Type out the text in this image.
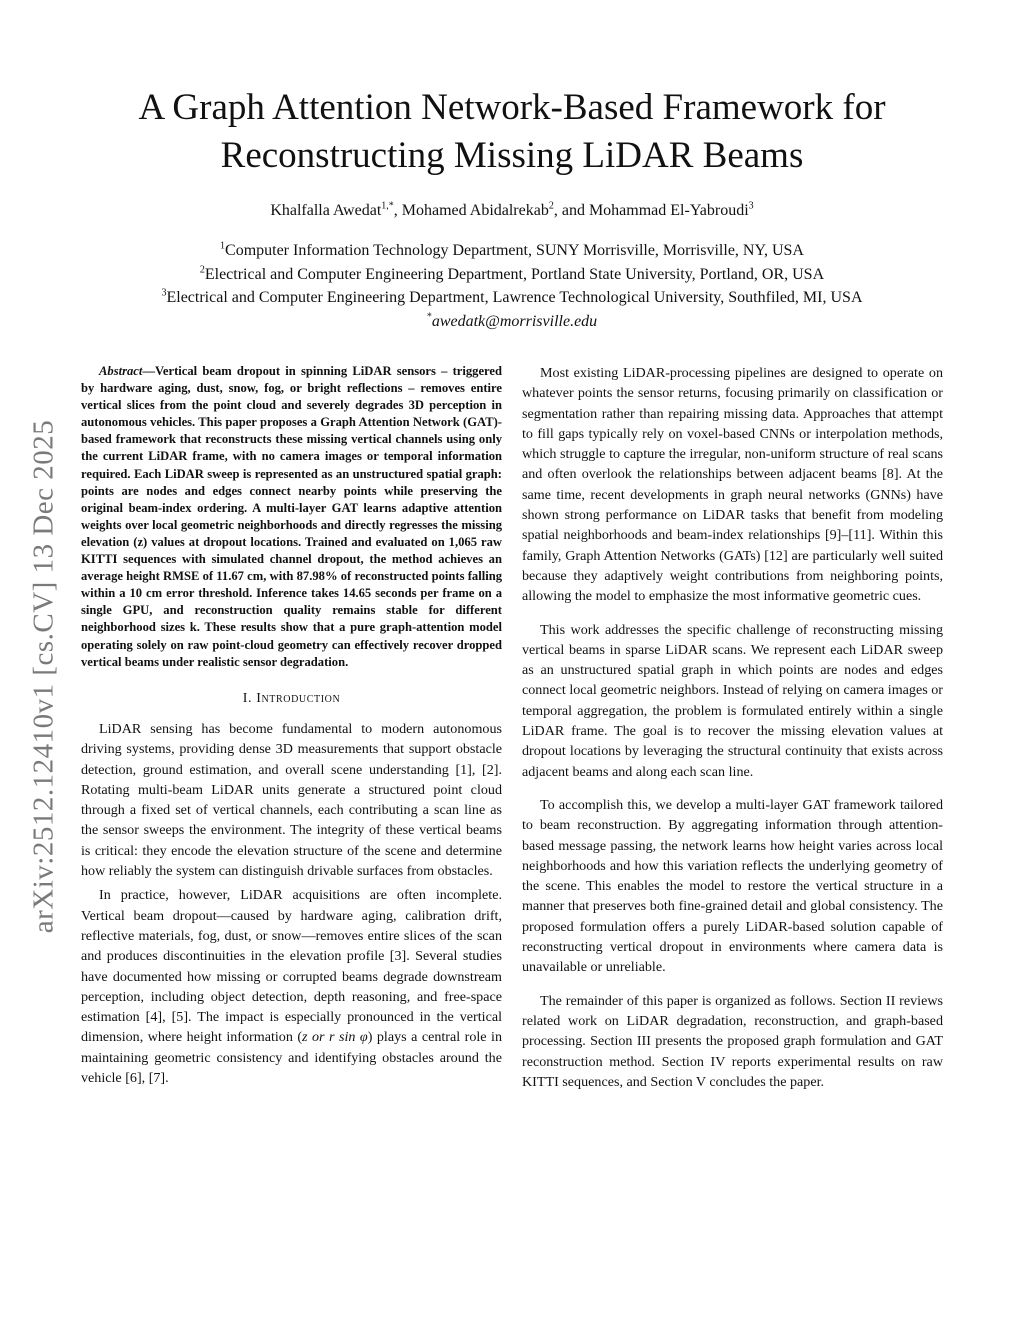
A Graph Attention Network-Based Framework for
Reconstructing Missing LiDAR Beams
Khalfalla Awedat$^{1,*}$, Mohamed Abidalrekab$^2$, and Mohammad El-Yabroudi$^3$
$^1$Computer Information Technology Department, SUNY Morrisville, Morrisville, NY, USA
$^2$Electrical and Computer Engineering Department, Portland State University, Portland, OR, USA
$^3$Electrical and Computer Engineering Department, Lawrence Technological University, Southfiled, MI, USA
*awedatk@morrisville.edu
arXiv:2512.12410v1 [cs.CV] 13 Dec 2025

Abstract—Vertical beam dropout in spinning LiDAR sensors – triggered by hardware aging, dust, snow, fog, or bright reflections – removes entire vertical slices from the point cloud and severely degrades 3D perception in autonomous vehicles. This paper proposes a Graph Attention Network (GAT)-based framework that reconstructs these missing vertical channels using only the current LiDAR frame, with no camera images or temporal information required. Each LiDAR sweep is represented as an unstructured spatial graph: points are nodes and edges connect nearby points while preserving the original beam-index ordering. A multi-layer GAT learns adaptive attention weights over local geometric neighborhoods and directly regresses the missing elevation (z) values at dropout locations. Trained and evaluated on 1,065 raw KITTI sequences with simulated channel dropout, the method achieves an average height RMSE of 11.67 cm, with 87.98% of reconstructed points falling within a 10 cm error threshold. Inference takes 14.65 seconds per frame on a single GPU, and reconstruction quality remains stable for different neighborhood sizes k. These results show that a pure graph-attention model operating solely on raw point-cloud geometry can effectively recover dropped vertical beams under realistic sensor degradation.

I. Introduction

LiDAR sensing has become fundamental to modern autonomous driving systems, providing dense 3D measurements that support obstacle detection, ground estimation, and overall scene understanding [1], [2]. Rotating multi-beam LiDAR units generate a structured point cloud through a fixed set of vertical channels, each contributing a scan line as the sensor sweeps the environment. The integrity of these vertical beams is critical: they encode the elevation structure of the scene and determine how reliably the system can distinguish drivable surfaces from obstacles.

In practice, however, LiDAR acquisitions are often incomplete. Vertical beam dropout—caused by hardware aging, calibration drift, reflective materials, fog, dust, or snow—removes entire slices of the scan and produces discontinuities in the elevation profile [3]. Several studies have documented how missing or corrupted beams degrade downstream perception, including object detection, depth reasoning, and free-space estimation [4], [5]. The impact is especially pronounced in the vertical dimension, where height information (z or r sin φ) plays a central role in maintaining geometric consistency and identifying obstacles around the vehicle [6], [7].

Most existing LiDAR-processing pipelines are designed to operate on whatever points the sensor returns, focusing primarily on classification or segmentation rather than repairing missing data. Approaches that attempt to fill gaps typically rely on voxel-based CNNs or interpolation methods, which struggle to capture the irregular, non-uniform structure of real scans and often overlook the relationships between adjacent beams [8]. At the same time, recent developments in graph neural networks (GNNs) have shown strong performance on LiDAR tasks that benefit from modeling spatial neighborhoods and beam-index relationships [9]–[11]. Within this family, Graph Attention Networks (GATs) [12] are particularly well suited because they adaptively weight contributions from neighboring points, allowing the model to emphasize the most informative geometric cues.

This work addresses the specific challenge of reconstructing missing vertical beams in sparse LiDAR scans. We represent each LiDAR sweep as an unstructured spatial graph in which points are nodes and edges connect local geometric neighbors. Instead of relying on camera images or temporal aggregation, the problem is formulated entirely within a single LiDAR frame. The goal is to recover the missing elevation values at dropout locations by leveraging the structural continuity that exists across adjacent beams and along each scan line.

To accomplish this, we develop a multi-layer GAT framework tailored to beam reconstruction. By aggregating information through attention-based message passing, the network learns how height varies across local neighborhoods and how this variation reflects the underlying geometry of the scene. This enables the model to restore the vertical structure in a manner that preserves both fine-grained detail and global consistency. The proposed formulation offers a purely LiDAR-based solution capable of reconstructing vertical dropout in environments where camera data is unavailable or unreliable.

The remainder of this paper is organized as follows. Section II reviews related work on LiDAR degradation, reconstruction, and graph-based processing. Section III presents the proposed graph formulation and GAT reconstruction method. Section IV reports experimental results on raw KITTI sequences, and Section V concludes the paper.
